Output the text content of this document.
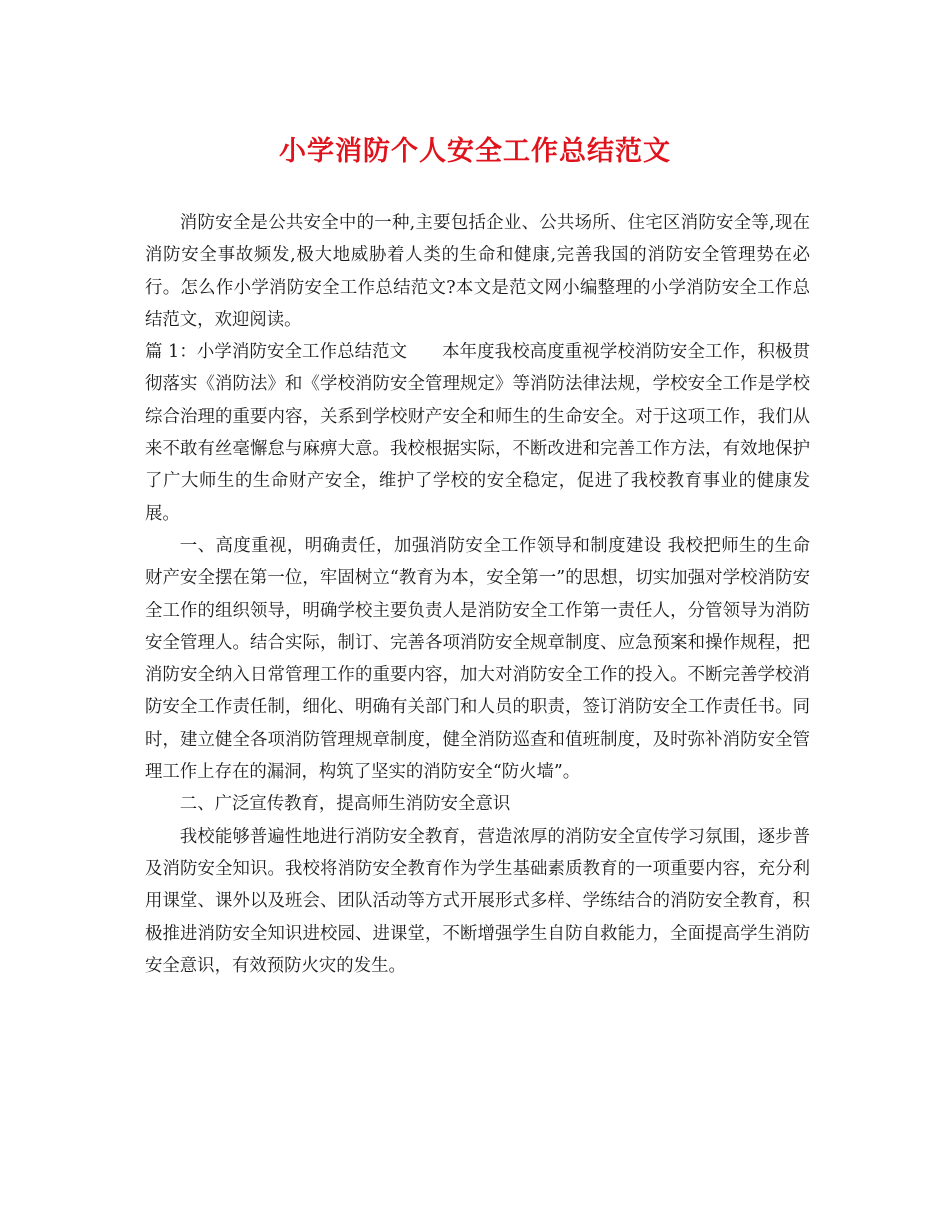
小学消防个人安全工作总结范文

消防安全是公共安全中的一种,主要包括企业、公共场所、住宅区消防安全等,现在消防安全事故频发,极大地威胁着人类的生命和健康,完善我国的消防安全管理势在必行。怎么作小学消防安全工作总结范文?本文是范文网小编整理的小学消防安全工作总结范文，欢迎阅读。

篇 1：小学消防安全工作总结范文 本年度我校高度重视学校消防安全工作，积极贯彻落实《消防法》和《学校消防安全管理规定》等消防法律法规，学校安全工作是学校综合治理的重要内容，关系到学校财产安全和师生的生命安全。对于这项工作，我们从来不敢有丝毫懈怠与麻痹大意。我校根据实际，不断改进和完善工作方法，有效地保护了广大师生的生命财产安全，维护了学校的安全稳定，促进了我校教育事业的健康发展。

一、高度重视，明确责任，加强消防安全工作领导和制度建设 我校把师生的生命财产安全摆在第一位，牢固树立“教育为本，安全第一”的思想，切实加强对学校消防安全工作的组织领导，明确学校主要负责人是消防安全工作第一责任人，分管领导为消防安全管理人。结合实际，制订、完善各项消防安全规章制度、应急预案和操作规程，把消防安全纳入日常管理工作的重要内容，加大对消防安全工作的投入。不断完善学校消防安全工作责任制，细化、明确有关部门和人员的职责，签订消防安全工作责任书。同时，建立健全各项消防管理规章制度，健全消防巡查和值班制度，及时弥补消防安全管理工作上存在的漏洞，构筑了坚实的消防安全“防火墙”。

二、广泛宣传教育，提高师生消防安全意识

我校能够普遍性地进行消防安全教育，营造浓厚的消防安全宣传学习氛围，逐步普及消防安全知识。我校将消防安全教育作为学生基础素质教育的一项重要内容，充分利用课堂、课外以及班会、团队活动等方式开展形式多样、学练结合的消防安全教育，积极推进消防安全知识进校园、进课堂，不断增强学生自防自救能力，全面提高学生消防安全意识，有效预防火灾的发生。
